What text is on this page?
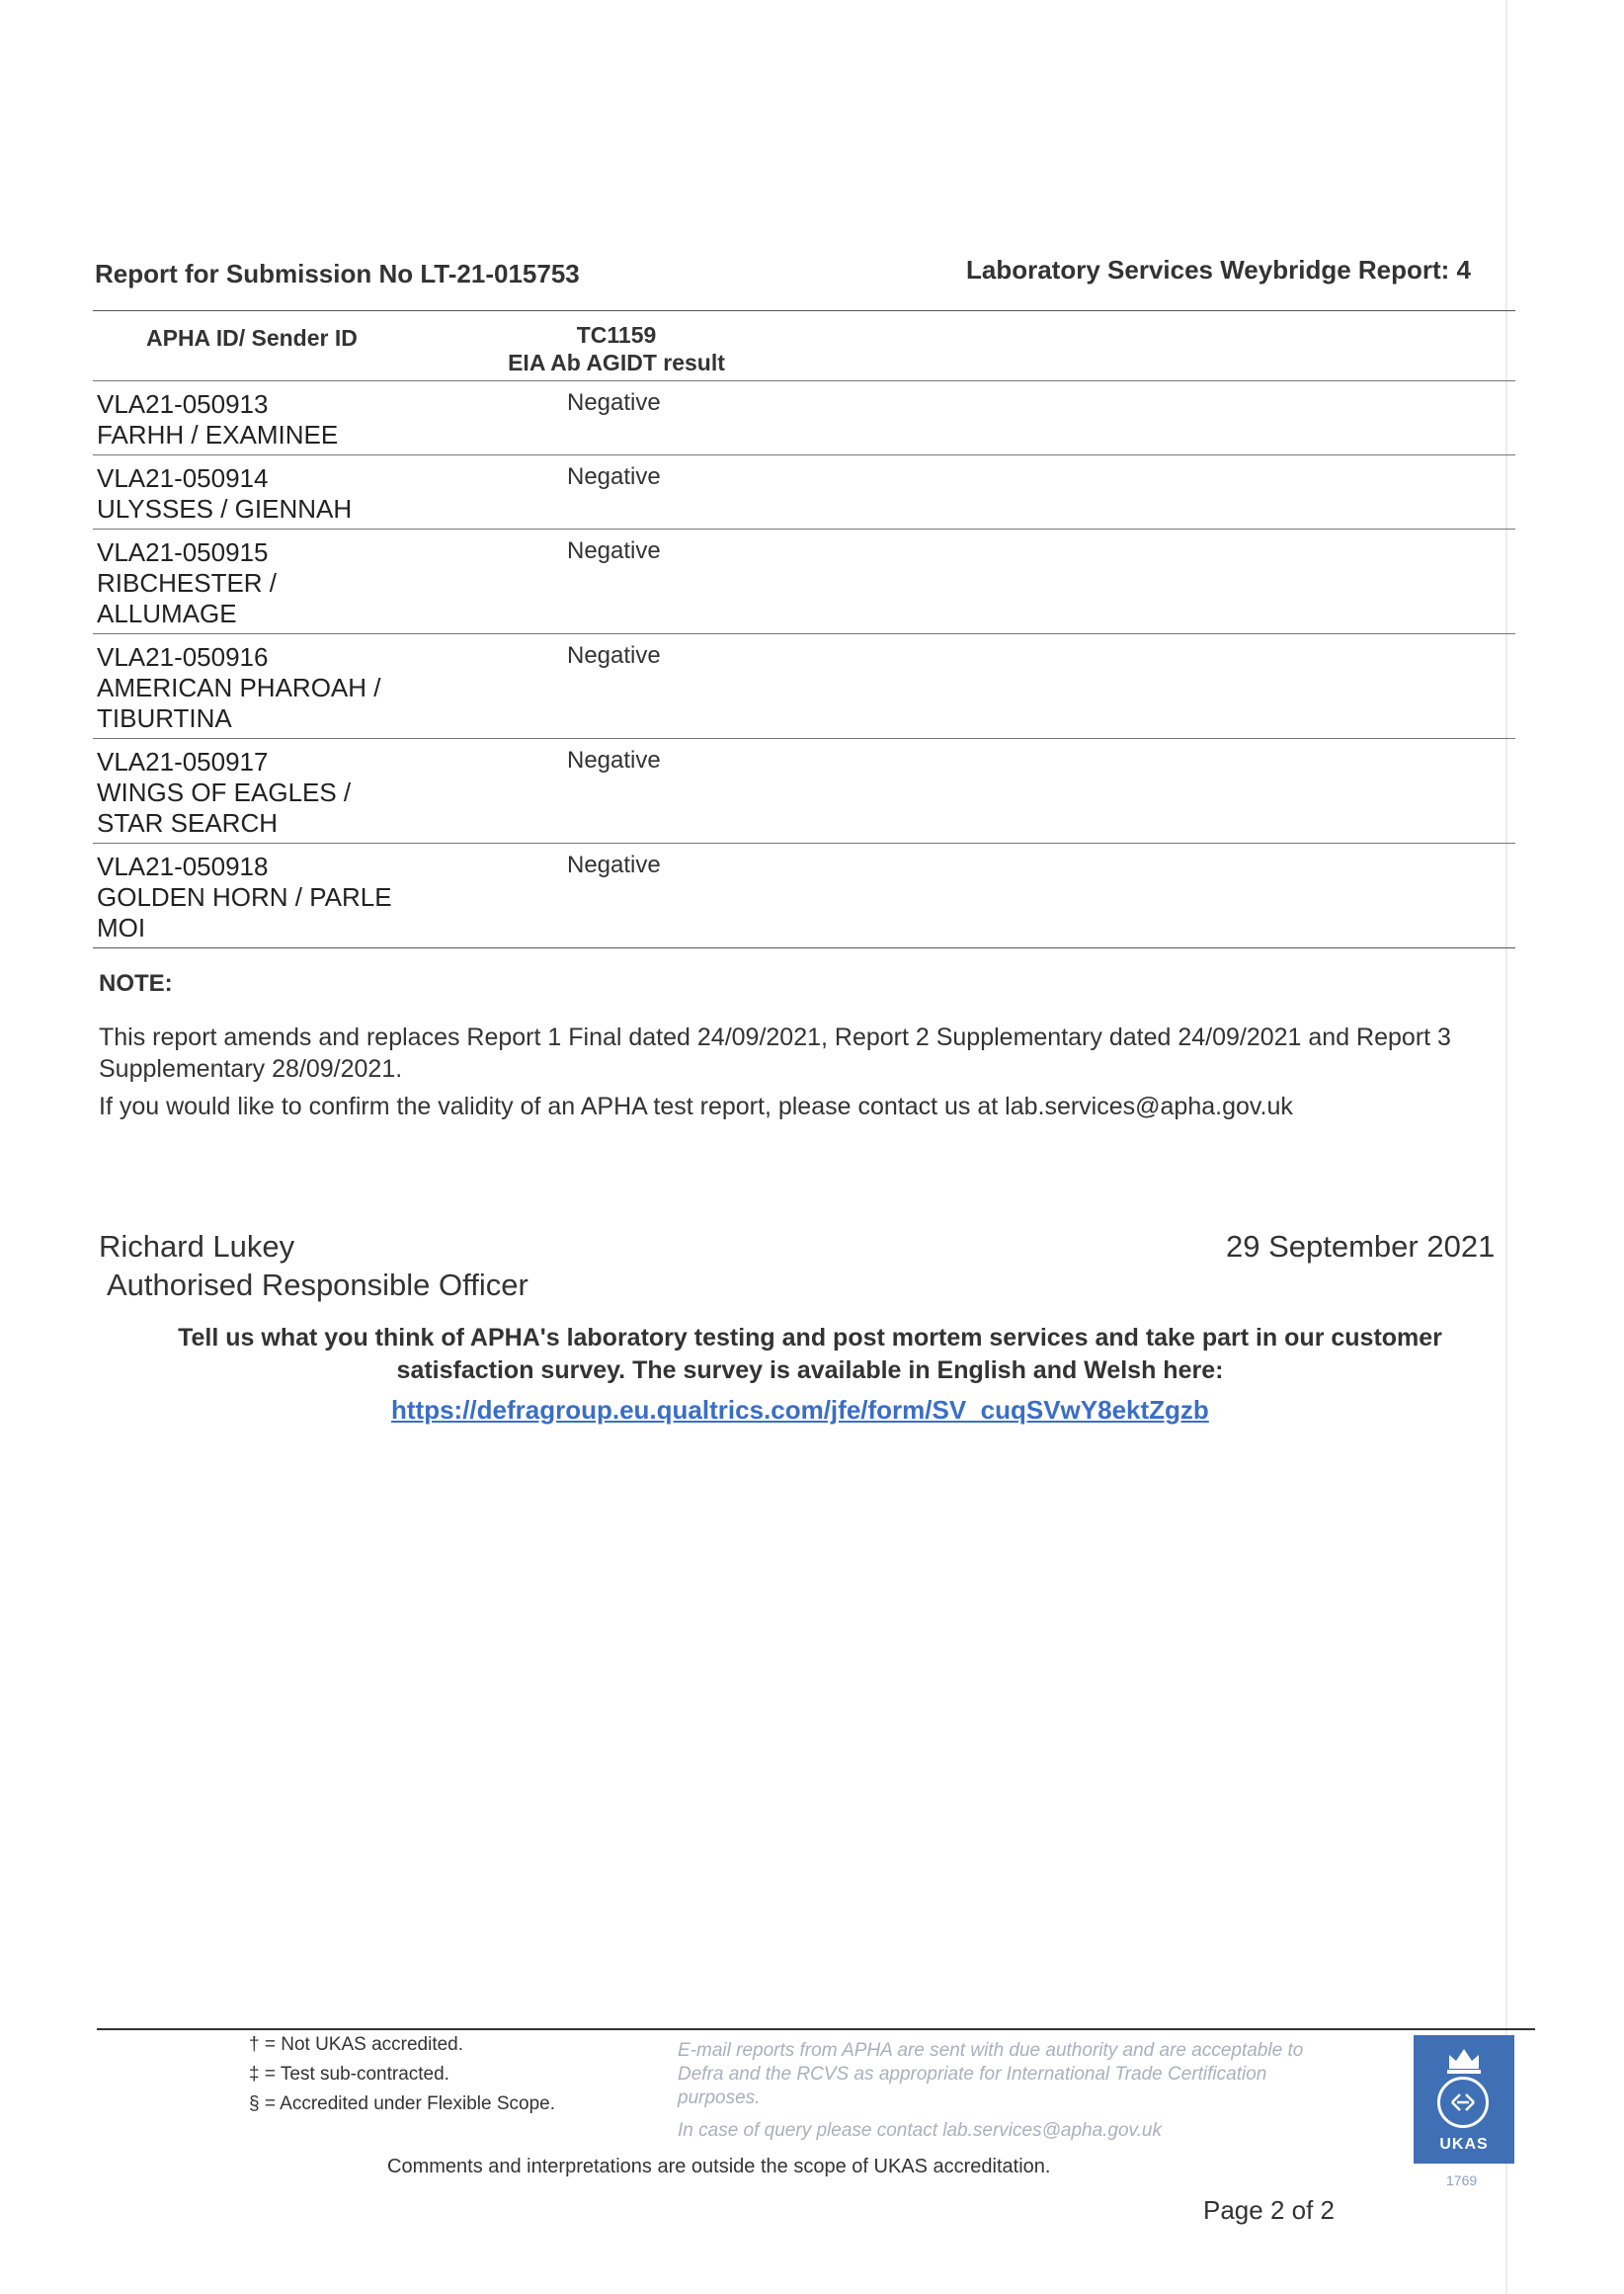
Report for Submission No LT-21-015753	Laboratory Services Weybridge Report: 4
APHA ID/ Sender ID	TC1159
EIA Ab AGIDT result
VLA21-050913
FARHH / EXAMINEE
Negative
VLA21-050914
ULYSSES / GIENNAH
Negative
VLA21-050915
RIBCHESTER /
ALLUMAGE
Negative
VLA21-050916
AMERICAN PHAROAH /
TIBURTINA
Negative
VLA21-050917
WINGS OF EAGLES /
STAR SEARCH
Negative
VLA21-050918
GOLDEN HORN / PARLE
MOI
Negative
NOTE:

This report amends and replaces Report 1 Final dated 24/09/2021, Report 2 Supplementary dated 24/09/2021 and Report 3 Supplementary 28/09/2021.

If you would like to confirm the validity of an APHA test report, please contact us at lab.services@apha.gov.uk

Richard Lukey
Authorised Responsible Officer
29 September 2021
Tell us what you think of APHA's laboratory testing and post mortem services and take part in our customer satisfaction survey. The survey is available in English and Welsh here:
https://defragroup.eu.qualtrics.com/jfe/form/SV_cuqSVwY8ektZgzb
† = Not UKAS accredited.
‡ = Test sub-contracted.
§ = Accredited under Flexible Scope.
E-mail reports from APHA are sent with due authority and are acceptable to Defra and the RCVS as appropriate for International Trade Certification purposes.
In case of query please contact lab.services@apha.gov.uk
Comments and interpretations are outside the scope of UKAS accreditation.
Page 2 of 2
UKAS
1769
